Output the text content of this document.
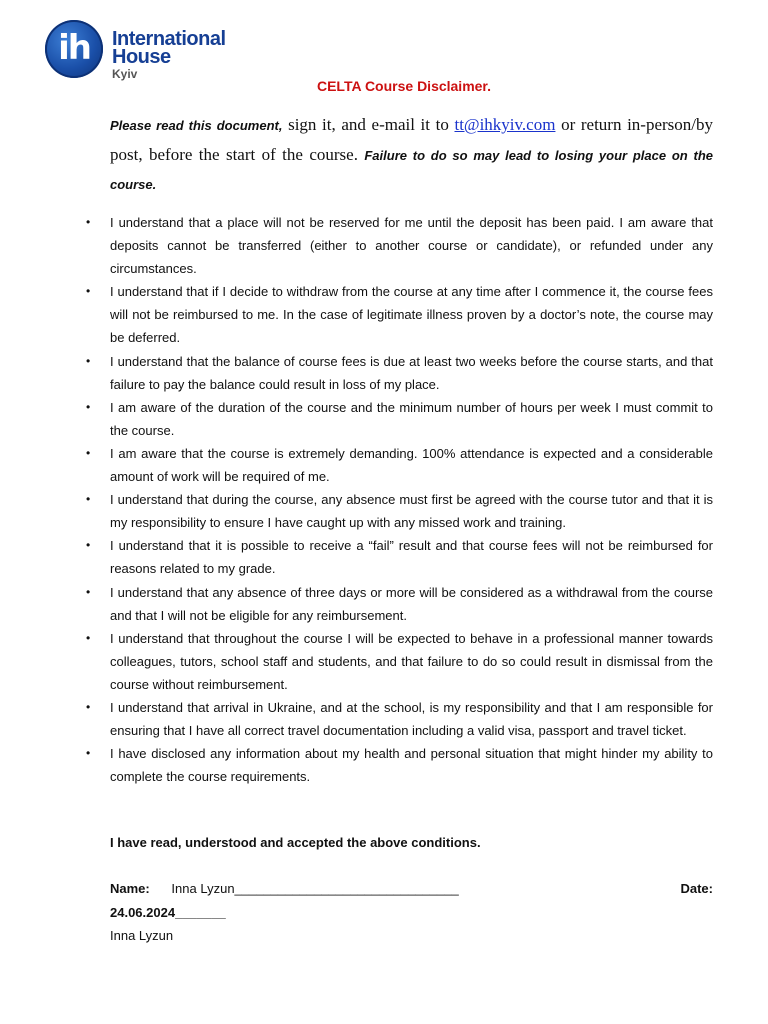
ih	International
House
Kyiv
CELTA Course Disclaimer.
Please read this document, sign it, and e-mail it to tt@ihkyiv.com or return in-person/by post, before the start of the course. Failure to do so may lead to losing your place on the course.
• I understand that a place will not be reserved for me until the deposit has been paid. I am aware that deposits cannot be transferred (either to another course or candidate), or refunded under any circumstances.
• I understand that if I decide to withdraw from the course at any time after I commence it, the course fees will not be reimbursed to me. In the case of legitimate illness proven by a doctor’s note, the course may be deferred.
• I understand that the balance of course fees is due at least two weeks before the course starts, and that failure to pay the balance could result in loss of my place.
• I am aware of the duration of the course and the minimum number of hours per week I must commit to the course.
• I am aware that the course is extremely demanding. 100% attendance is expected and a considerable amount of work will be required of me.
• I understand that during the course, any absence must first be agreed with the course tutor and that it is my responsibility to ensure I have caught up with any missed work and training.
• I understand that it is possible to receive a “fail” result and that course fees will not be reimbursed for reasons related to my grade.
• I understand that any absence of three days or more will be considered as a withdrawal from the course and that I will not be eligible for any reimbursement.
• I understand that throughout the course I will be expected to behave in a professional manner towards colleagues, tutors, school staff and students, and that failure to do so could result in dismissal from the course without reimbursement.
• I understand that arrival in Ukraine, and at the school, is my responsibility and that I am responsible for ensuring that I have all correct travel documentation including a valid visa, passport and travel ticket.
• I have disclosed any information about my health and personal situation that might hinder my ability to complete the course requirements.
I have read, understood and accepted the above conditions.
Name: Inna Lyzun_______________________________	Date:
24.06.2024_______
Inna Lyzun
